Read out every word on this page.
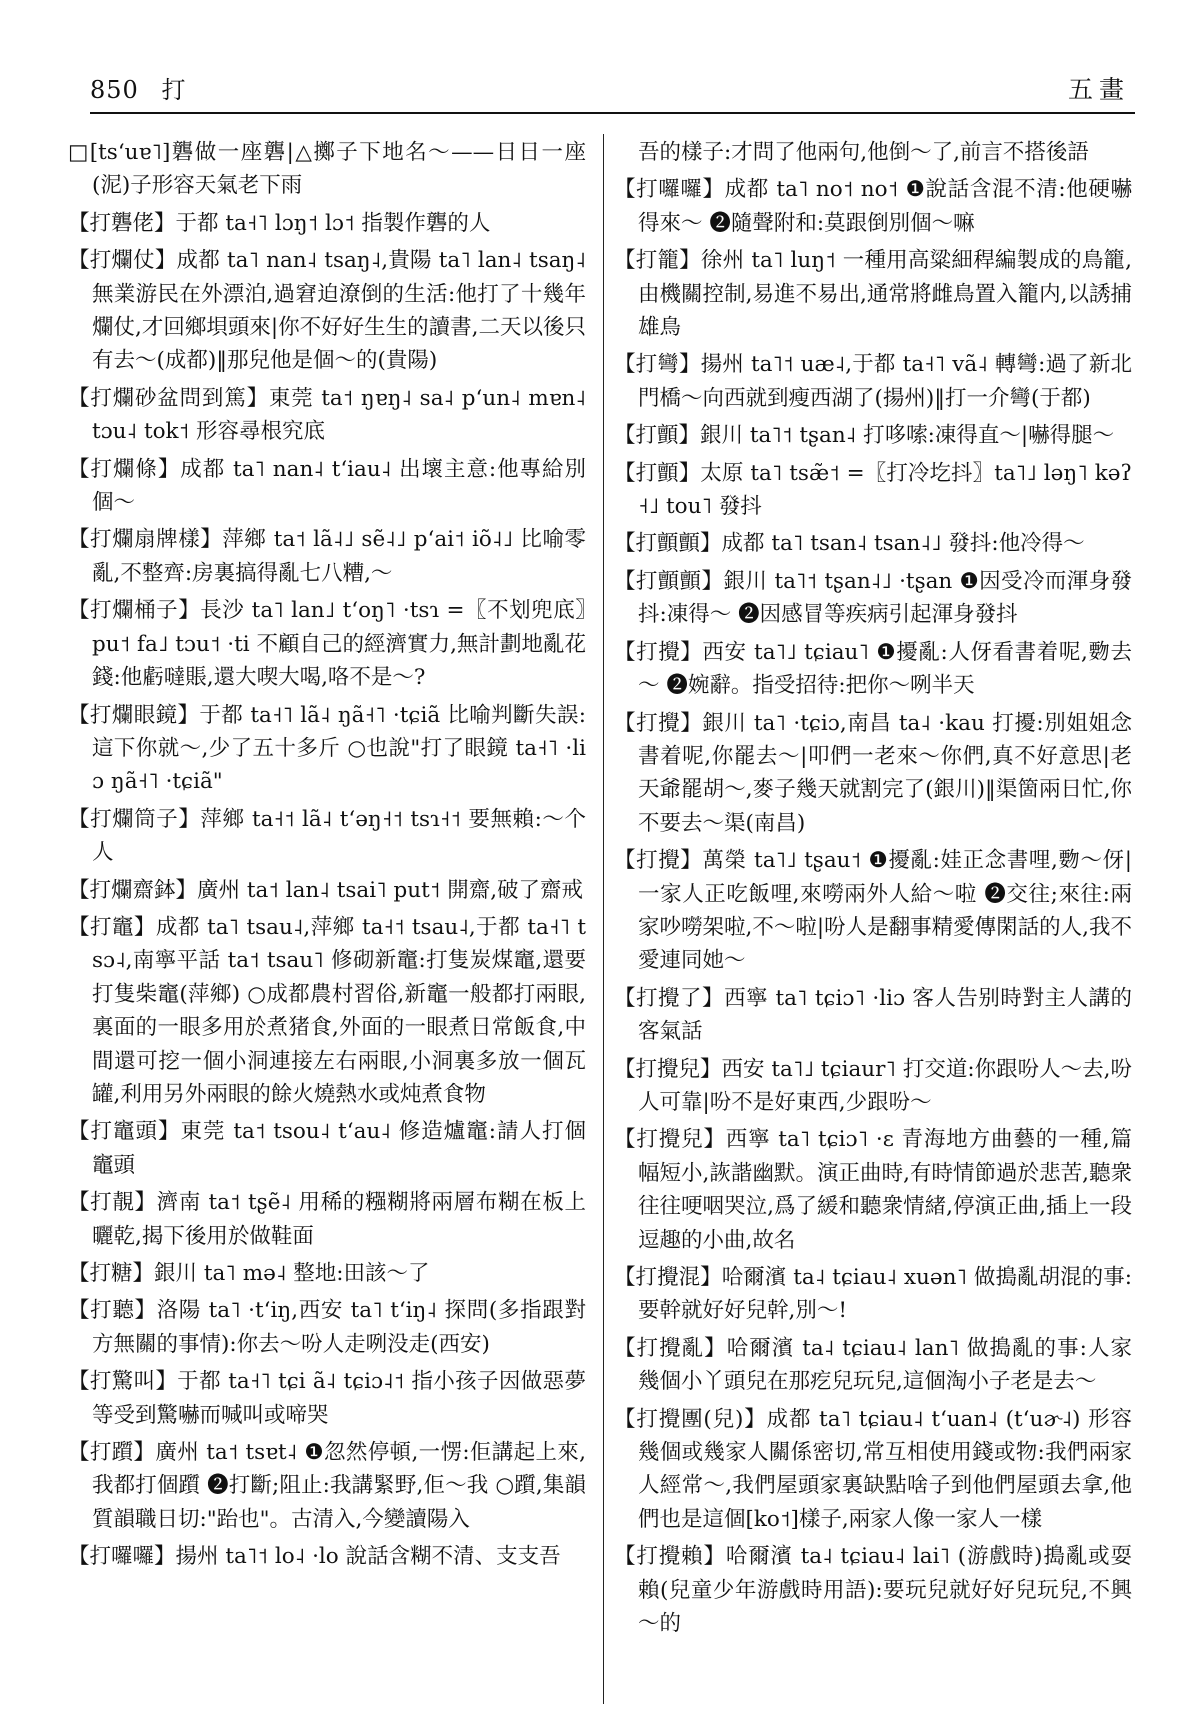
850 打	五畫

□[tsʻuɐ˥]礱做一座礱|△擲子下地名～——日日一座(泥)子形容天氣老下雨

【打礱佬】于都 ta˧˥ lɔŋ˦ lɔ˦ 指製作礱的人

【打爛仗】成都 ta˥ nan˨ tsaŋ˨,貴陽 ta˥ lan˨ tsaŋ˨ 無業游民在外漂泊,過窘迫潦倒的生活:他打了十幾年爛仗,才回鄉垻頭來|你不好好生生的讀書,二天以後只有去～(成都)‖那兒他是個～的(貴陽)

【打爛砂盆問到篤】東莞 ta˦ ŋɐŋ˨ sa˨ pʻun˨ mɐn˨ tɔu˨ tok˦ 形容尋根究底

【打爛條】成都 ta˥ nan˨ tʻiau˨ 出壞主意:他專給別個～

【打爛扇牌樣】萍鄉 ta˦ lã˨˩ sẽ˨˩ pʻai˦ iõ˨˩ 比喻零亂,不整齊:房裏搞得亂七八糟,～

【打爛桶子】長沙 ta˥ lan˩ tʻoŋ˥ ·tsɿ =〖不划兜底〗pu˦ fa˩ tɔu˦ ·ti 不顧自己的經濟實力,無計劃地亂花錢:他虧噠賬,還大喫大喝,咯不是～?

【打爛眼鏡】于都 ta˧˥ lã˨ ŋã˧˥ ·tɕiã 比喻判斷失誤:這下你就～,少了五十多斤 ○也說"打了眼鏡 ta˧˥ ·liɔ ŋã˧˥ ·tɕiã"

【打爛筒子】萍鄉 ta˧˦ lã˨ tʻəŋ˧˦ tsɿ˧˦ 要無賴:～个人

【打爛齋鉢】廣州 ta˦ lan˨ tsai˥ put˦ 開齋,破了齋戒

【打竈】成都 ta˥ tsau˨,萍鄉 ta˧˦ tsau˨,于都 ta˧˥ tsɔ˨,南寧平話 ta˦ tsau˥ 修砌新竈:打隻炭煤竈,還要打隻柴竈(萍鄉) ○成都農村習俗,新竈一般都打兩眼,裏面的一眼多用於煮猪食,外面的一眼煮日常飯食,中間還可挖一個小洞連接左右兩眼,小洞裏多放一個瓦罐,利用另外兩眼的餘火燒熱水或炖煮食物

【打竈頭】東莞 ta˦ tsou˨ tʻau˨ 修造爐竈:請人打個竈頭

【打靚】濟南 ta˦ tʂẽ˨ 用稀的糨糊將兩層布糊在板上曬乾,揭下後用於做鞋面

【打糖】銀川 ta˥ mə˨ 整地:田該～了

【打聽】洛陽 ta˥ ·tʻiŋ,西安 ta˥ tʻiŋ˨ 探問(多指跟對方無關的事情):你去～吩人走咧没走(西安)

【打驚叫】于都 ta˧˥ tɕi ã˨ tɕiɔ˨˦ 指小孩子因做惡夢等受到驚嚇而喊叫或啼哭

【打躓】廣州 ta˦ tsɐt˨ ❶忽然停頓,一愣:佢講起上來,我都打個躓 ❷打斷;阻止:我講緊野,佢～我 ○躓,集韻質韻職日切:"跆也"。古清入,今變讀陽入

【打囉囉】揚州 ta˥˦ lo˨ ·lo 說話含糊不清、支支吾

吾的樣子:才問了他兩句,他倒～了,前言不搭後語

【打囉囉】成都 ta˥ no˦ no˦ ❶說話含混不清:他硬嚇得來～ ❷隨聲附和:莫跟倒別個～嘛

【打籠】徐州 ta˥ luŋ˦ 一種用高粱細稈編製成的鳥籠,由機關控制,易進不易出,通常將雌鳥置入籠内,以誘捕雄鳥

【打彎】揚州 ta˥˦ uæ˨,于都 ta˧˥ vã˨ 轉彎:過了新北門橋～向西就到瘦西湖了(揚州)‖打一介彎(于都)

【打顫】銀川 ta˥˦ tʂan˨ 打哆嗦:凍得直～|嚇得腿～

【打顫】太原 ta˥ tsæ̃˦ =〖打冷圪抖〗ta˥˩ ləŋ˥ kəʔ˧˩ tou˥ 發抖

【打顫顫】成都 ta˥ tsan˨ tsan˨˩ 發抖:他冷得～

【打顫顫】銀川 ta˥˦ tʂan˨˩ ·tʂan ❶因受冷而渾身發抖:凍得～ ❷因感冒等疾病引起渾身發抖

【打攪】西安 ta˥˩ tɕiau˥ ❶擾亂:人伢看書着呢,覅去～ ❷婉辭。指受招待:把你～咧半天

【打攪】銀川 ta˥ ·tɕiɔ,南昌 ta˨ ·kau 打擾:別姐姐念書着呢,你罷去～|叩們一老來～你們,真不好意思|老天爺罷胡～,麥子幾天就割完了(銀川)‖渠箇兩日忙,你不要去～渠(南昌)

【打攪】萬榮 ta˥˩ tʂau˦ ❶擾亂:娃正念書哩,覅～伢|一家人正吃飯哩,來嘮兩外人給～啦 ❷交往;來往:兩家吵嘮架啦,不～啦|吩人是翻事精愛傳閑話的人,我不愛連同她～

【打攪了】西寧 ta˥ tɕiɔ˥ ·liɔ 客人告别時對主人講的客氣話

【打攪兒】西安 ta˥˩ tɕiaur˥ 打交道:你跟吩人～去,吩人可靠|吩不是好東西,少跟吩～

【打攪兒】西寧 ta˥ tɕiɔ˥ ·ɛ 青海地方曲藝的一種,篇幅短小,詼諧幽默。演正曲時,有時情節過於悲苦,聽衆往往哽咽哭泣,爲了緩和聽衆情緒,停演正曲,插上一段逗趣的小曲,故名

【打攪混】哈爾濱 ta˨ tɕiau˨ xuən˥ 做搗亂胡混的事:要幹就好好兒幹,別～!

【打攪亂】哈爾濱 ta˨ tɕiau˨ lan˥ 做搗亂的事:人家幾個小丫頭兒在那疙兒玩兒,這個淘小子老是去～

【打攪團(兒)】成都 ta˥ tɕiau˨ tʻuan˨ (tʻuɚ˨) 形容幾個或幾家人關係密切,常互相使用錢或物:我們兩家人經常～,我們屋頭家裏缺點啥子到他們屋頭去拿,他們也是這個[ko˦]樣子,兩家人像一家人一樣

【打攪賴】哈爾濱 ta˨ tɕiau˨ lai˥ (游戲時)搗亂或耍賴(兒童少年游戲時用語):要玩兒就好好兒玩兒,不興～的
